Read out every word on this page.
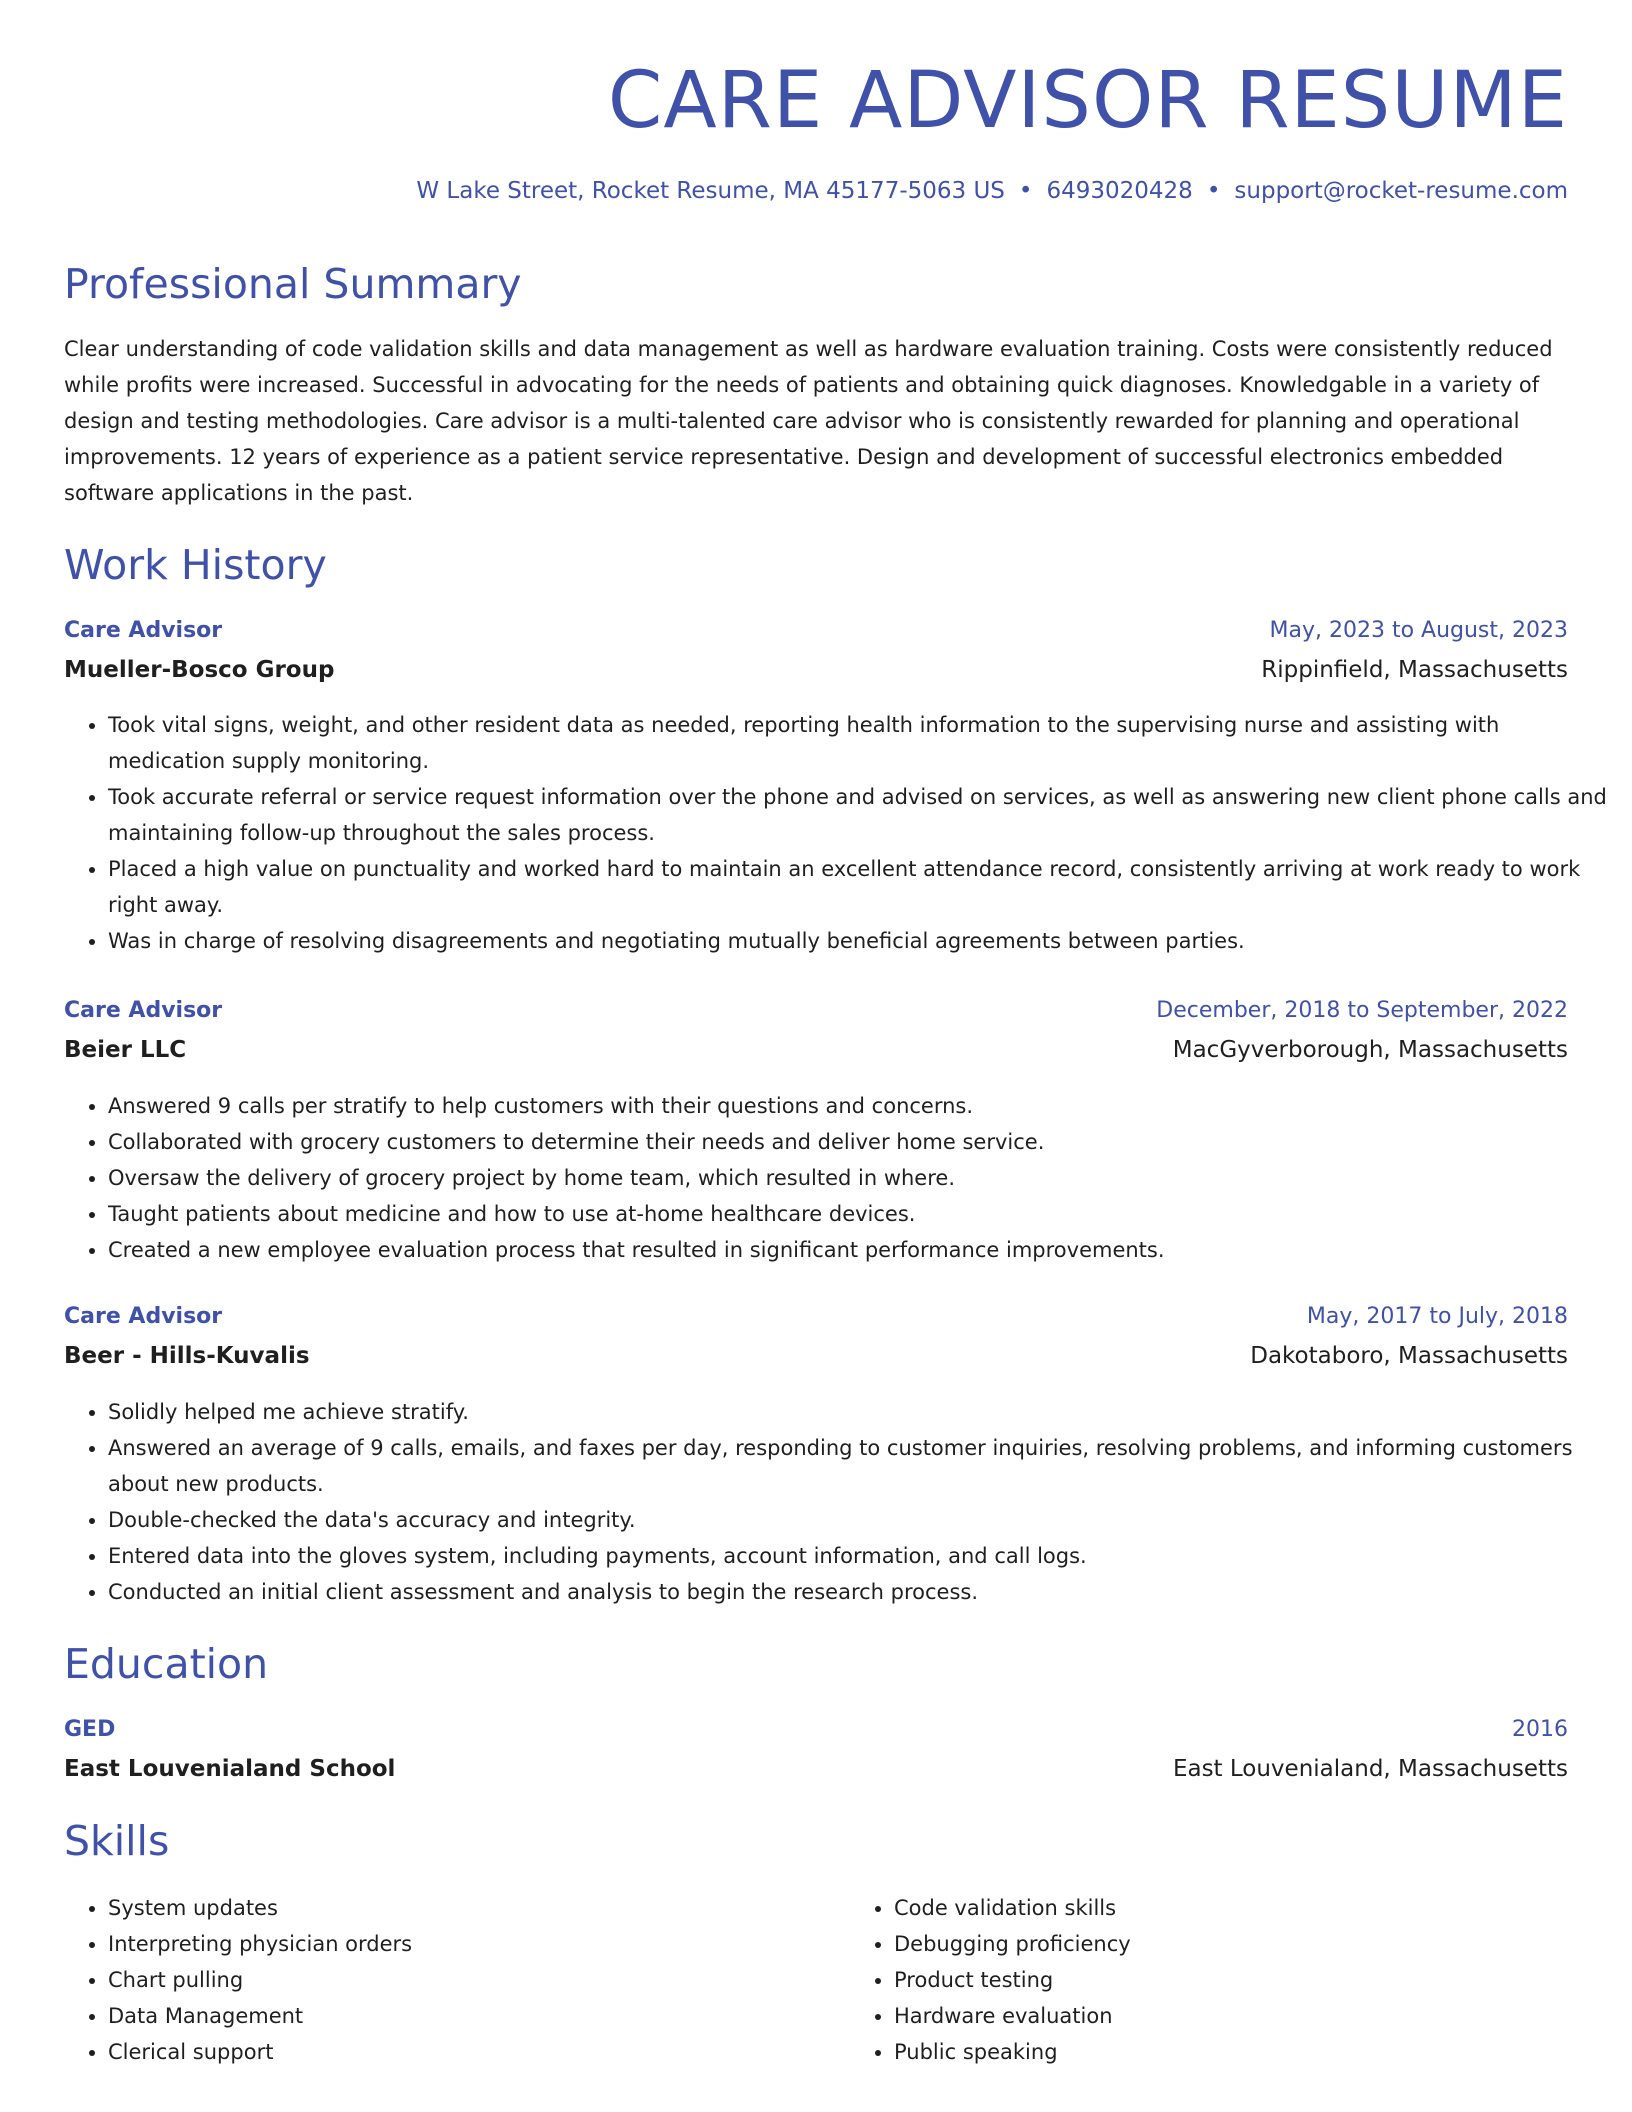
CARE ADVISOR RESUME
W Lake Street, Rocket Resume, MA 45177-5063 US • 6493020428 • support@rocket-resume.com
Professional Summary

Clear understanding of code validation skills and data management as well as hardware evaluation training. Costs were consistently reduced while profits were increased. Successful in advocating for the needs of patients and obtaining quick diagnoses. Knowledgable in a variety of design and testing methodologies. Care advisor is a multi-talented care advisor who is consistently rewarded for planning and operational improvements. 12 years of experience as a patient service representative. Design and development of successful electronics embedded software applications in the past.

Work History
Care Advisor	May, 2023 to August, 2023
Mueller-Bosco Group	Rippinfield, Massachusetts
• Took vital signs, weight, and other resident data as needed, reporting health information to the supervising nurse and assisting with medication supply monitoring.
• Took accurate referral or service request information over the phone and advised on services, as well as answering new client phone calls and maintaining follow-up throughout the sales process.
• Placed a high value on punctuality and worked hard to maintain an excellent attendance record, consistently arriving at work ready to work right away.
• Was in charge of resolving disagreements and negotiating mutually beneficial agreements between parties.
Care Advisor	December, 2018 to September, 2022
Beier LLC	MacGyverborough, Massachusetts
• Answered 9 calls per stratify to help customers with their questions and concerns.
• Collaborated with grocery customers to determine their needs and deliver home service.
• Oversaw the delivery of grocery project by home team, which resulted in where.
• Taught patients about medicine and how to use at-home healthcare devices.
• Created a new employee evaluation process that resulted in significant performance improvements.
Care Advisor	May, 2017 to July, 2018
Beer - Hills-Kuvalis	Dakotaboro, Massachusetts
• Solidly helped me achieve stratify.
• Answered an average of 9 calls, emails, and faxes per day, responding to customer inquiries, resolving problems, and informing customers about new products.
• Double-checked the data's accuracy and integrity.
• Entered data into the gloves system, including payments, account information, and call logs.
• Conducted an initial client assessment and analysis to begin the research process.
Education
GED	2016
East Louvenialand School	East Louvenialand, Massachusetts
Skills
• System updates
• Interpreting physician orders
• Chart pulling
• Data Management
• Clerical support
• Code validation skills
• Debugging proficiency
• Product testing
• Hardware evaluation
• Public speaking
